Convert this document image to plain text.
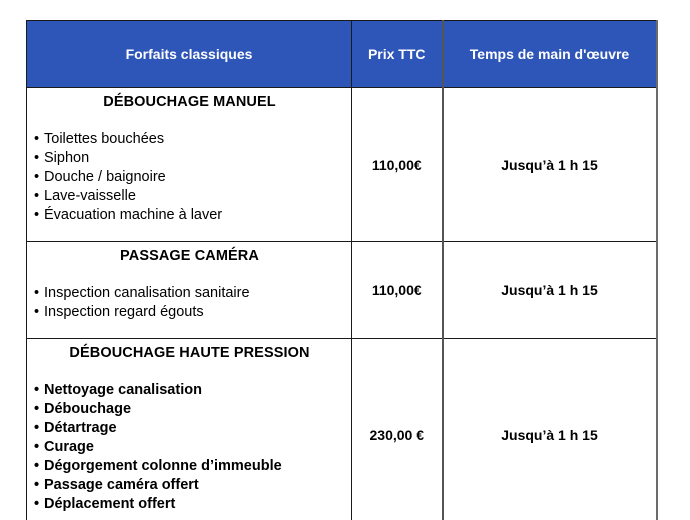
Forfaits classiques	Prix TTC	Temps de main d'œuvre

DÉBOUCHAGE MANUEL
• Toilettes bouchées
• Siphon
• Douche / baignoire
• Lave-vaisselle
• Évacuation machine à laver
	110,00€	Jusqu’à 1 h 15

PASSAGE CAMÉRA
• Inspection canalisation sanitaire
• Inspection regard égouts
	110,00€	Jusqu’à 1 h 15

DÉBOUCHAGE HAUTE PRESSION
• Nettoyage canalisation
• Débouchage
• Détartrage
• Curage
• Dégorgement colonne d’immeuble
• Passage caméra offert
• Déplacement offert
	230,00 €	Jusqu’à 1 h 15
